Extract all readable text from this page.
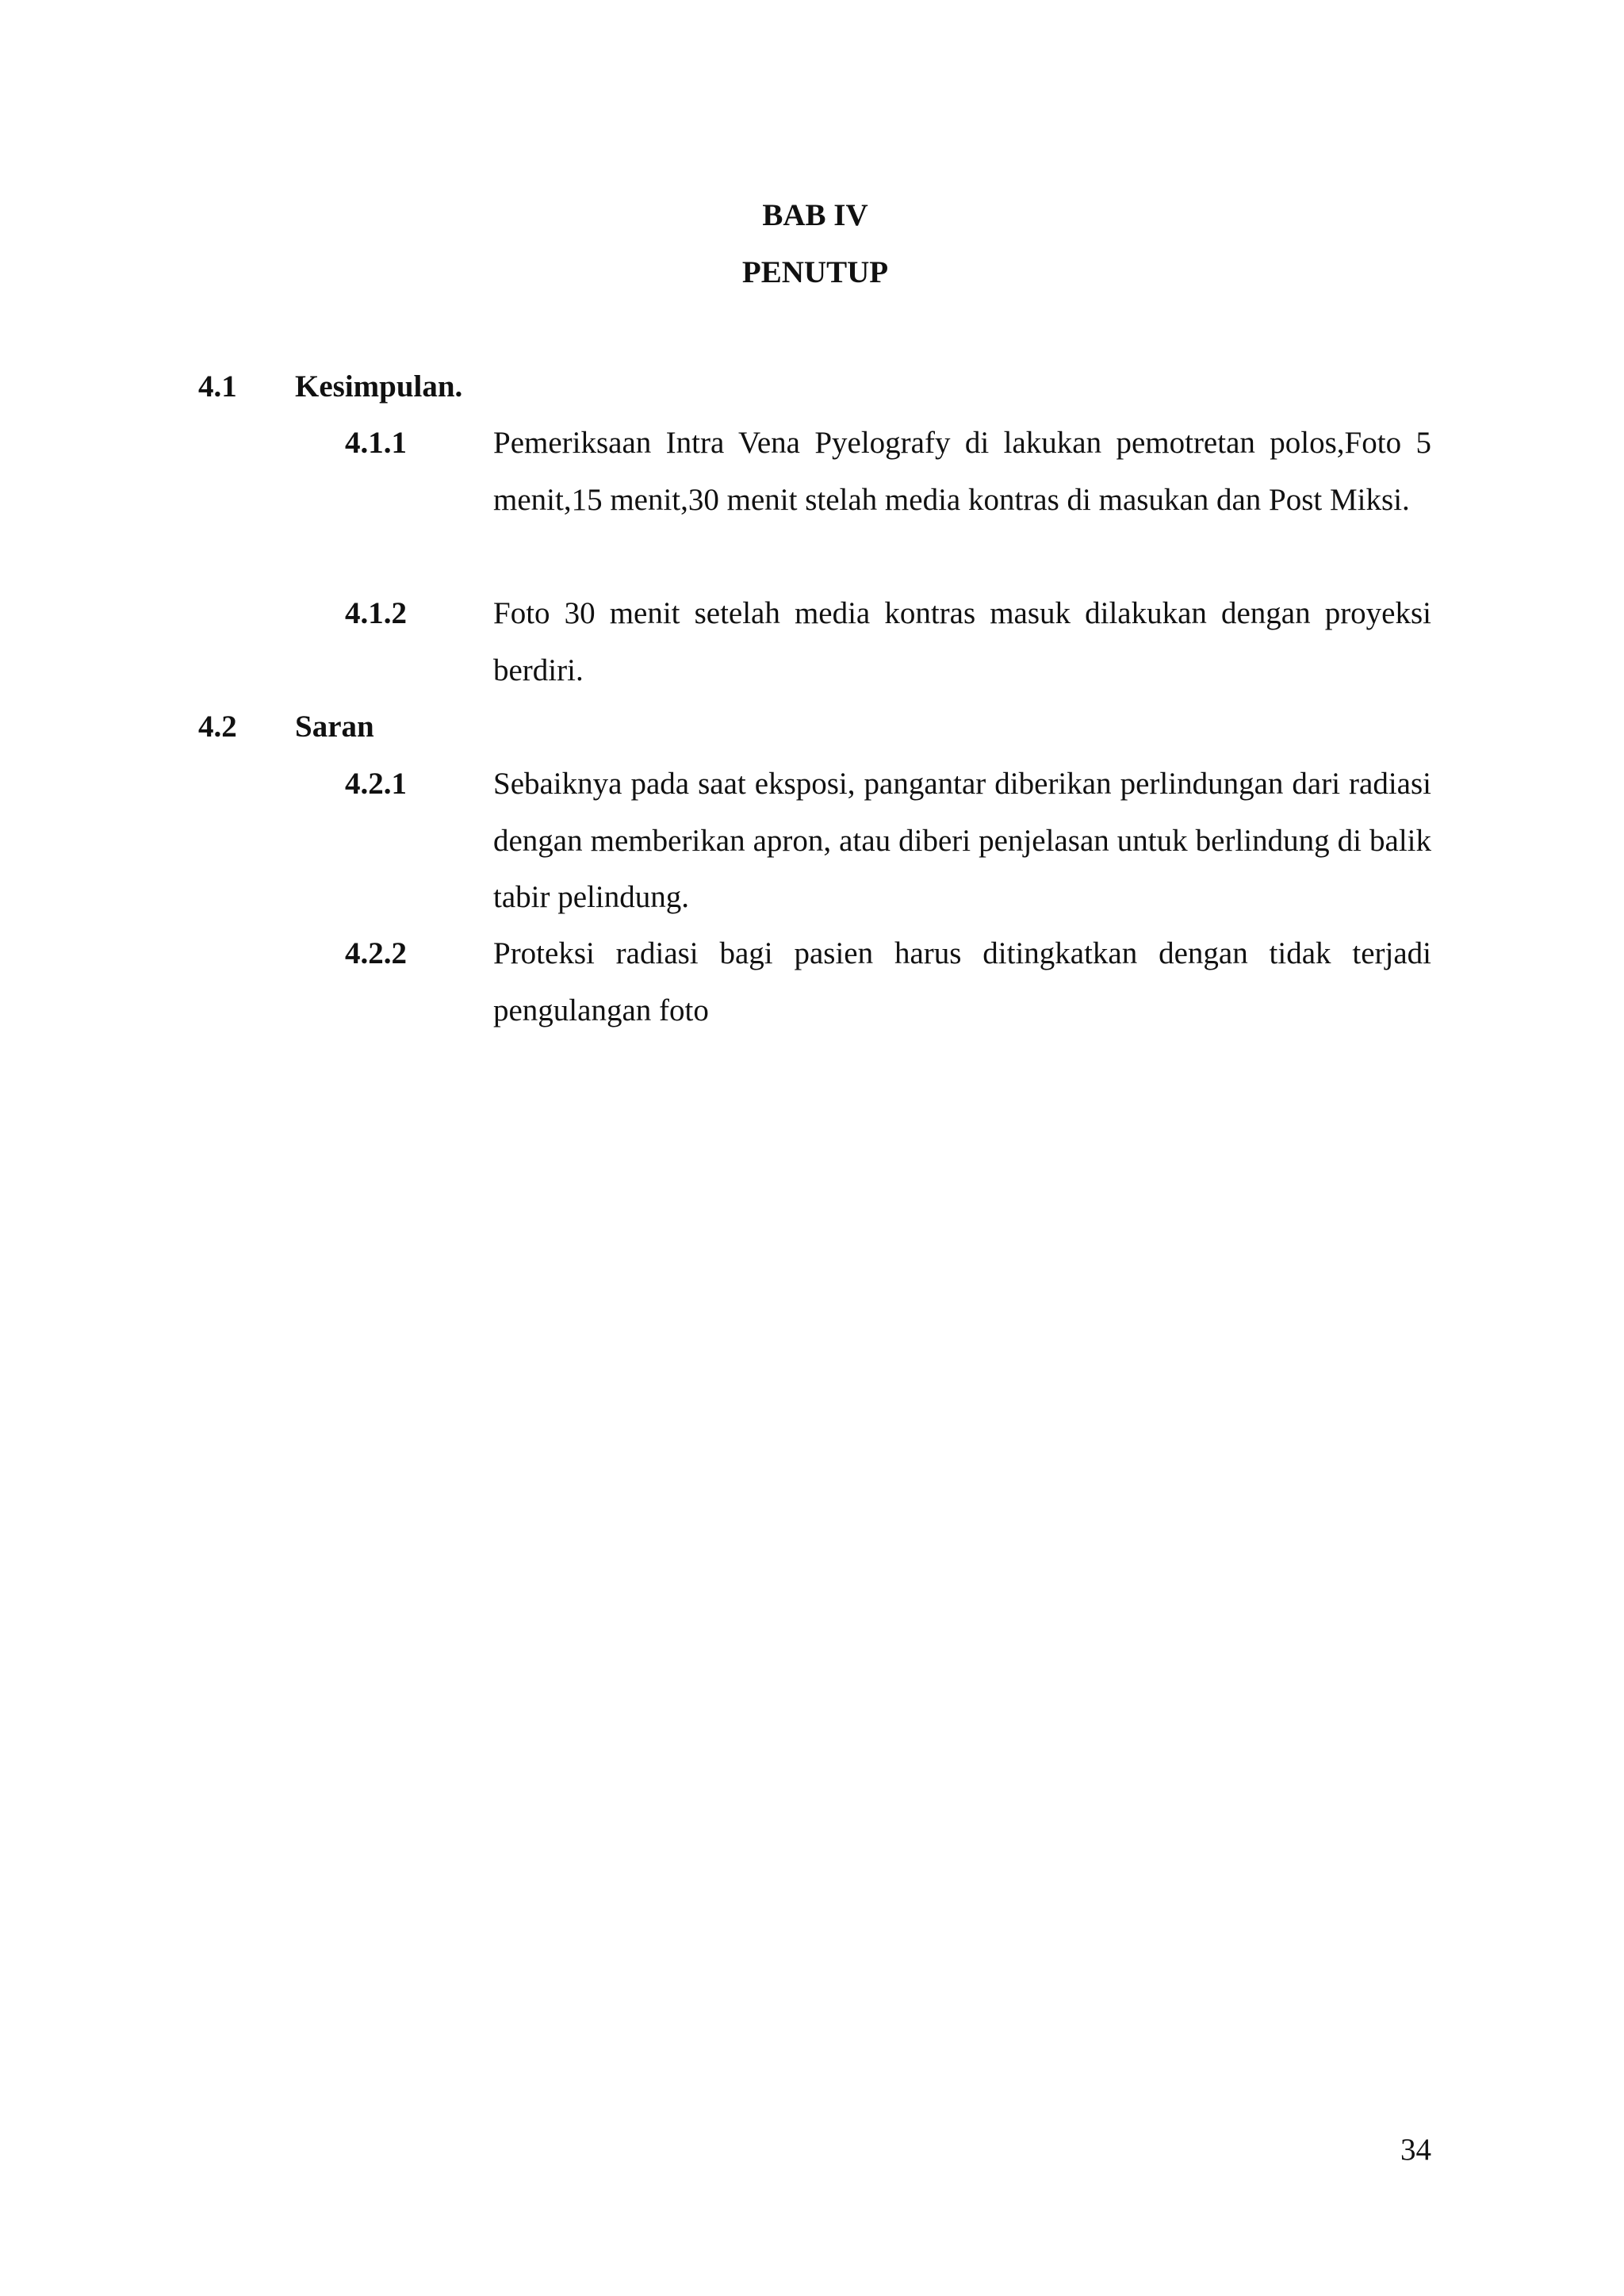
BAB IV
PENUTUP
4.1 Kesimpulan.
4.1.1	Pemeriksaan Intra Vena Pyelografy di lakukan pemotretan polos,Foto 5 menit,15 menit,30 menit stelah media kontras di masukan dan Post Miksi.
4.1.2	Foto 30 menit setelah media kontras masuk dilakukan dengan proyeksi berdiri.
4.2 Saran
4.2.1	Sebaiknya pada saat eksposi, pangantar diberikan perlindungan dari radiasi dengan memberikan apron, atau diberi penjelasan untuk berlindung di balik tabir pelindung.
4.2.2	Proteksi radiasi bagi pasien harus ditingkatkan dengan tidak terjadi pengulangan foto
34
